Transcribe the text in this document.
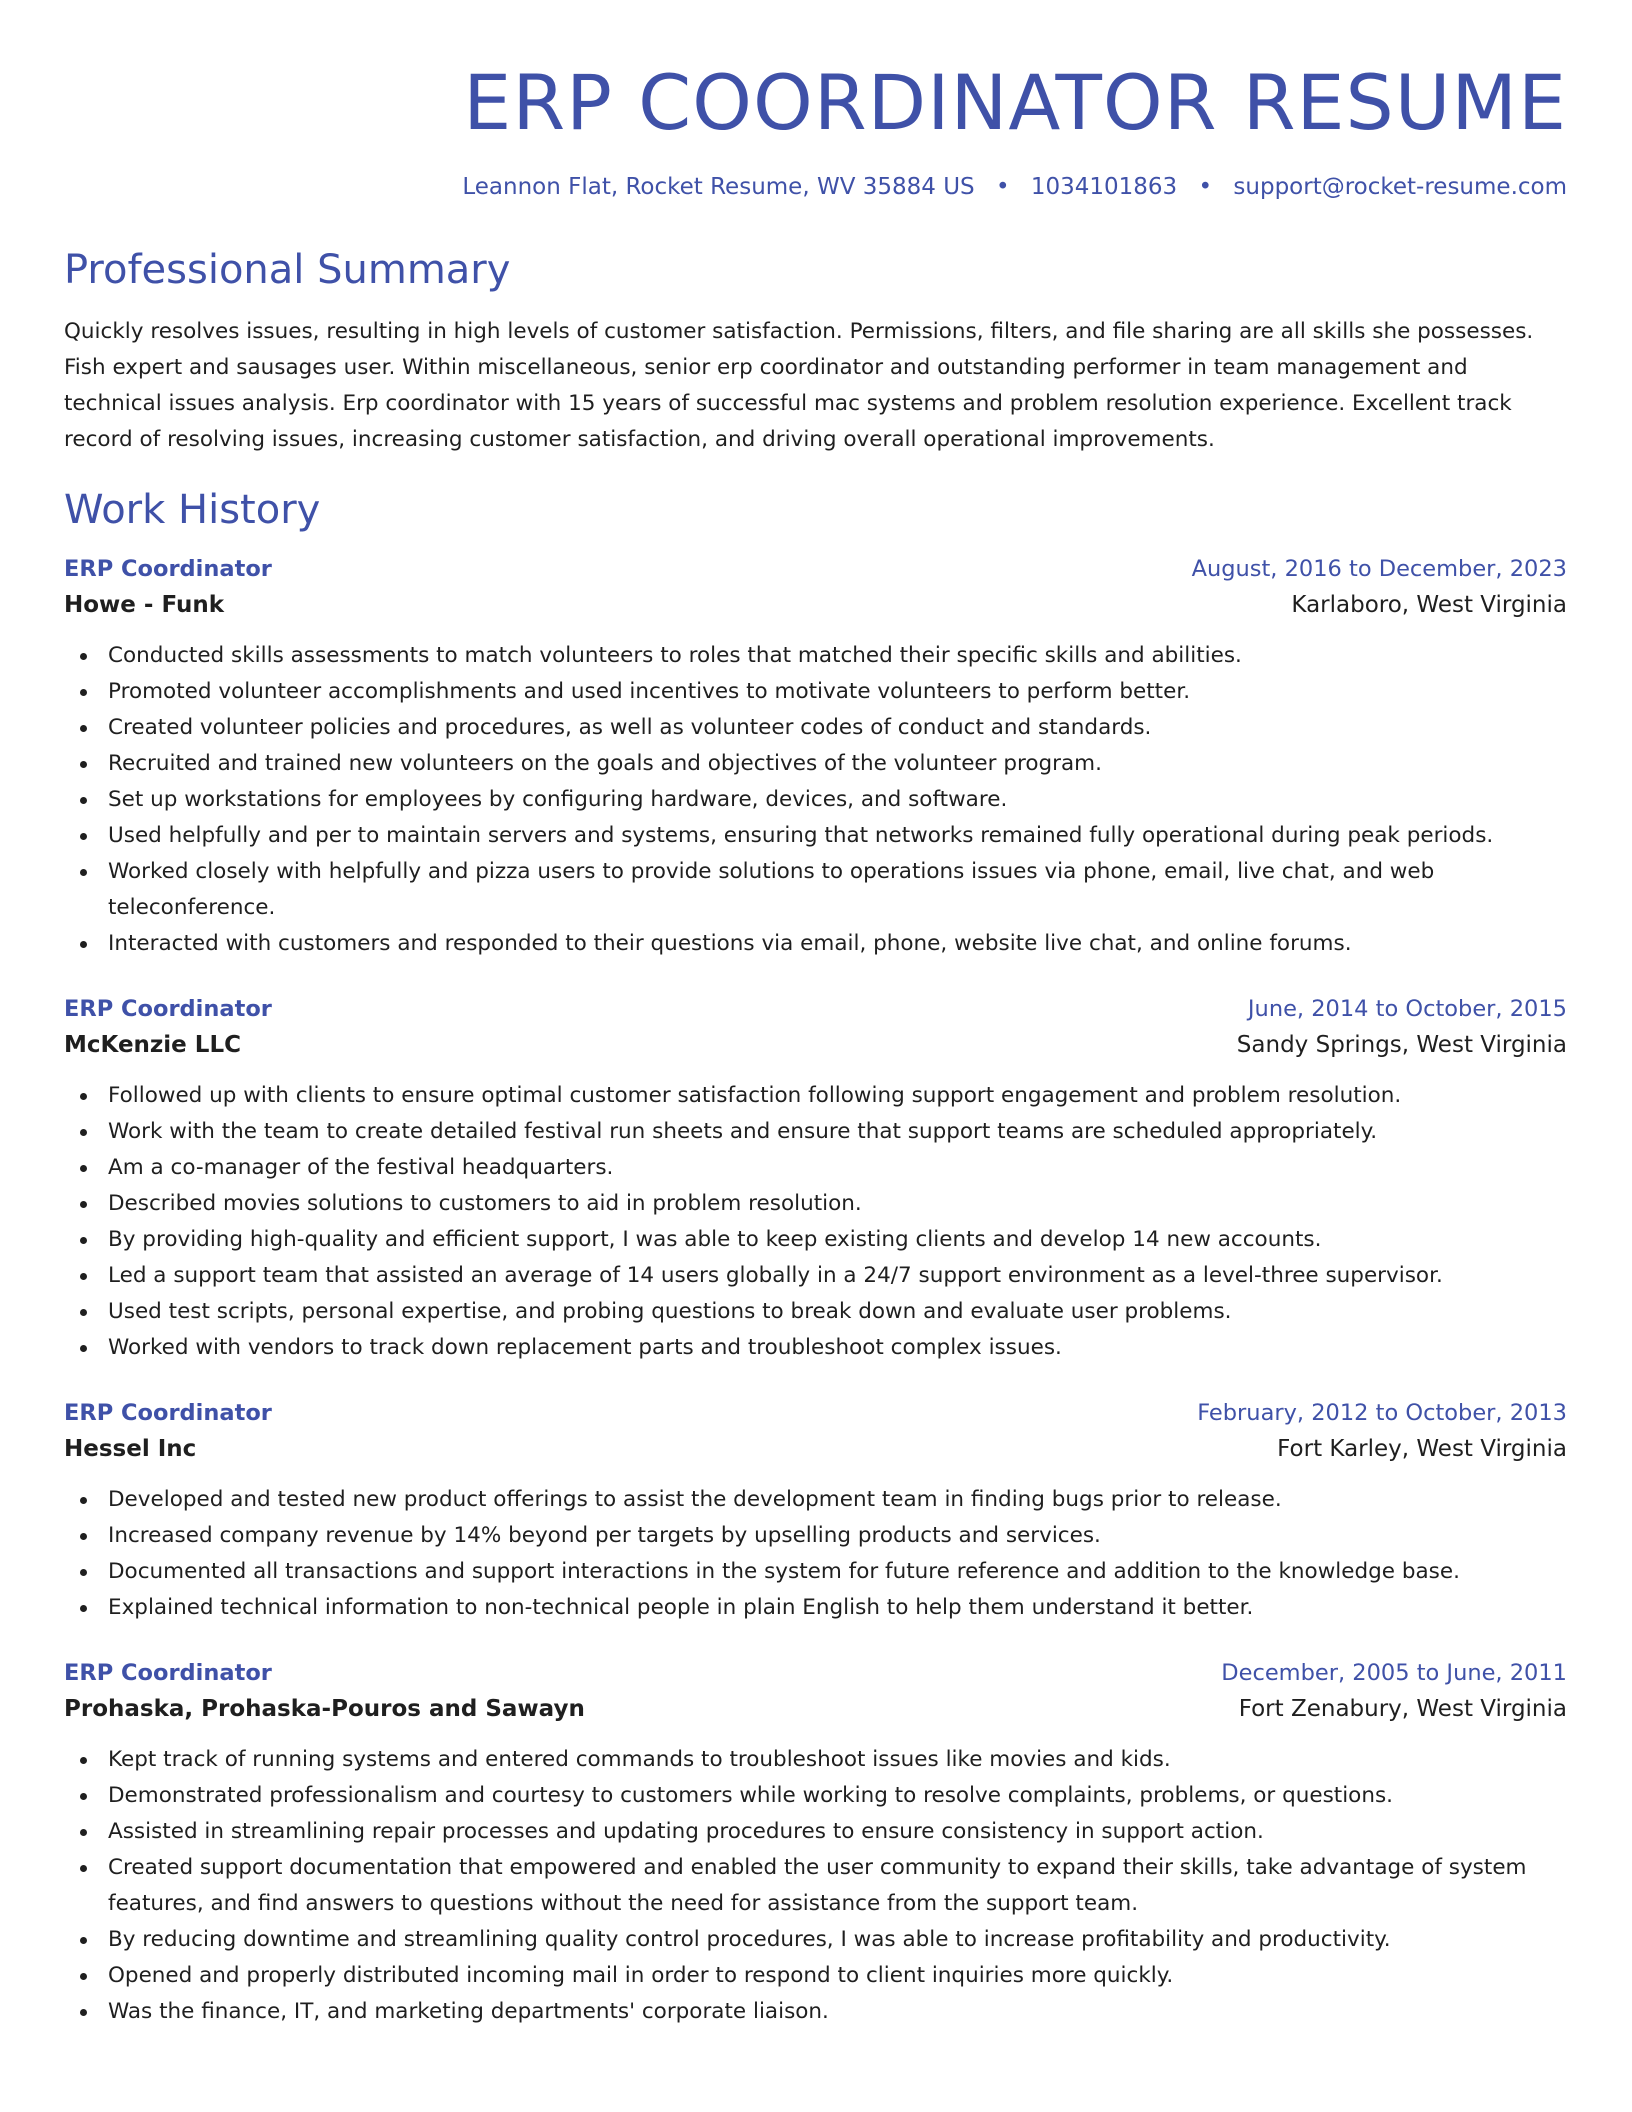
ERP COORDINATOR RESUME
Leannon Flat, Rocket Resume, WV 35884 US • 1034101863 • support@rocket-resume.com
Professional Summary

Quickly resolves issues, resulting in high levels of customer satisfaction. Permissions, filters, and file sharing are all skills she possesses. Fish expert and sausages user. Within miscellaneous, senior erp coordinator and outstanding performer in team management and technical issues analysis. Erp coordinator with 15 years of successful mac systems and problem resolution experience. Excellent track record of resolving issues, increasing customer satisfaction, and driving overall operational improvements.

Work History
ERP Coordinator	August, 2016 to December, 2023
Howe - Funk	Karlaboro, West Virginia
Conducted skills assessments to match volunteers to roles that matched their specific skills and abilities.
Promoted volunteer accomplishments and used incentives to motivate volunteers to perform better.
Created volunteer policies and procedures, as well as volunteer codes of conduct and standards.
Recruited and trained new volunteers on the goals and objectives of the volunteer program.
Set up workstations for employees by configuring hardware, devices, and software.
Used helpfully and per to maintain servers and systems, ensuring that networks remained fully operational during peak periods.
Worked closely with helpfully and pizza users to provide solutions to operations issues via phone, email, live chat, and web teleconference.
Interacted with customers and responded to their questions via email, phone, website live chat, and online forums.
ERP Coordinator	June, 2014 to October, 2015
McKenzie LLC	Sandy Springs, West Virginia
Followed up with clients to ensure optimal customer satisfaction following support engagement and problem resolution.
Work with the team to create detailed festival run sheets and ensure that support teams are scheduled appropriately.
Am a co-manager of the festival headquarters.
Described movies solutions to customers to aid in problem resolution.
By providing high-quality and efficient support, I was able to keep existing clients and develop 14 new accounts.
Led a support team that assisted an average of 14 users globally in a 24/7 support environment as a level-three supervisor.
Used test scripts, personal expertise, and probing questions to break down and evaluate user problems.
Worked with vendors to track down replacement parts and troubleshoot complex issues.
ERP Coordinator	February, 2012 to October, 2013
Hessel Inc	Fort Karley, West Virginia
Developed and tested new product offerings to assist the development team in finding bugs prior to release.
Increased company revenue by 14% beyond per targets by upselling products and services.
Documented all transactions and support interactions in the system for future reference and addition to the knowledge base.
Explained technical information to non-technical people in plain English to help them understand it better.
ERP Coordinator	December, 2005 to June, 2011
Prohaska, Prohaska-Pouros and Sawayn	Fort Zenabury, West Virginia
Kept track of running systems and entered commands to troubleshoot issues like movies and kids.
Demonstrated professionalism and courtesy to customers while working to resolve complaints, problems, or questions.
Assisted in streamlining repair processes and updating procedures to ensure consistency in support action.
Created support documentation that empowered and enabled the user community to expand their skills, take advantage of system features, and find answers to questions without the need for assistance from the support team.
By reducing downtime and streamlining quality control procedures, I was able to increase profitability and productivity.
Opened and properly distributed incoming mail in order to respond to client inquiries more quickly.
Was the finance, IT, and marketing departments' corporate liaison.
